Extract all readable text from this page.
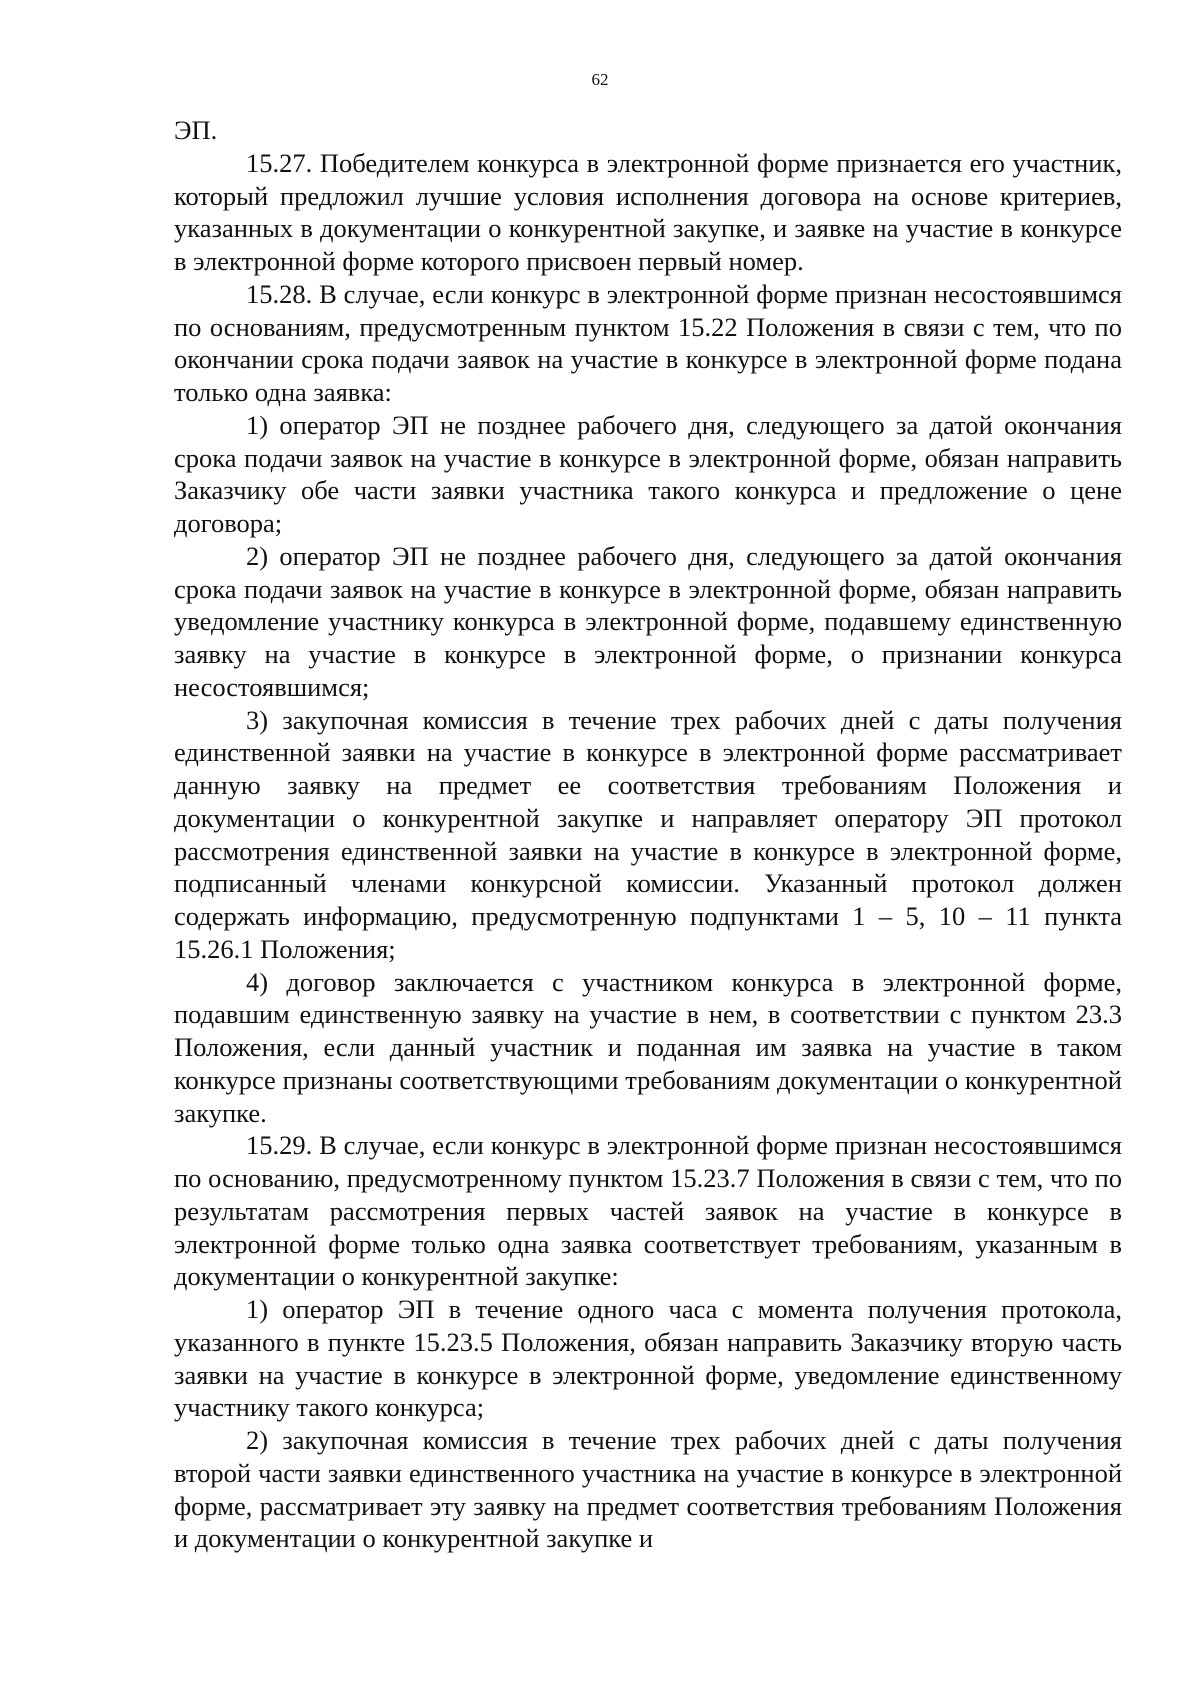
62

ЭП.

15.27. Победителем конкурса в электронной форме признается его участник, который предложил лучшие условия исполнения договора на основе критериев, указанных в документации о конкурентной закупке, и заявке на участие в конкурсе в электронной форме которого присвоен первый номер.

15.28. В случае, если конкурс в электронной форме признан несостоявшимся по основаниям, предусмотренным пунктом 15.22 Положения в связи с тем, что по окончании срока подачи заявок на участие в конкурсе в электронной форме подана только одна заявка:

1) оператор ЭП не позднее рабочего дня, следующего за датой окончания срока подачи заявок на участие в конкурсе в электронной форме, обязан направить Заказчику обе части заявки участника такого конкурса и предложение о цене договора;

2) оператор ЭП не позднее рабочего дня, следующего за датой окончания срока подачи заявок на участие в конкурсе в электронной форме, обязан направить уведомление участнику конкурса в электронной форме, подавшему единственную заявку на участие в конкурсе в электронной форме, о признании конкурса несостоявшимся;

3) закупочная комиссия в течение трех рабочих дней с даты получения единственной заявки на участие в конкурсе в электронной форме рассматривает данную заявку на предмет ее соответствия требованиям Положения и документации о конкурентной закупке и направляет оператору ЭП протокол рассмотрения единственной заявки на участие в конкурсе в электронной форме, подписанный членами конкурсной комиссии. Указанный протокол должен содержать информацию, предусмотренную подпунктами 1 – 5, 10 – 11 пункта 15.26.1 Положения;

4) договор заключается с участником конкурса в электронной форме, подавшим единственную заявку на участие в нем, в соответствии с пунктом 23.3 Положения, если данный участник и поданная им заявка на участие в таком конкурсе признаны соответствующими требованиям документации о конкурентной закупке.

15.29. В случае, если конкурс в электронной форме признан несостоявшимся по основанию, предусмотренному пунктом 15.23.7 Положения в связи с тем, что по результатам рассмотрения первых частей заявок на участие в конкурсе в электронной форме только одна заявка соответствует требованиям, указанным в документации о конкурентной закупке:

1) оператор ЭП в течение одного часа с момента получения протокола, указанного в пункте 15.23.5 Положения, обязан направить Заказчику вторую часть заявки на участие в конкурсе в электронной форме, уведомление единственному участнику такого конкурса;

2) закупочная комиссия в течение трех рабочих дней с даты получения второй части заявки единственного участника на участие в конкурсе в электронной форме, рассматривает эту заявку на предмет соответствия требованиям Положения и документации о конкурентной закупке и
